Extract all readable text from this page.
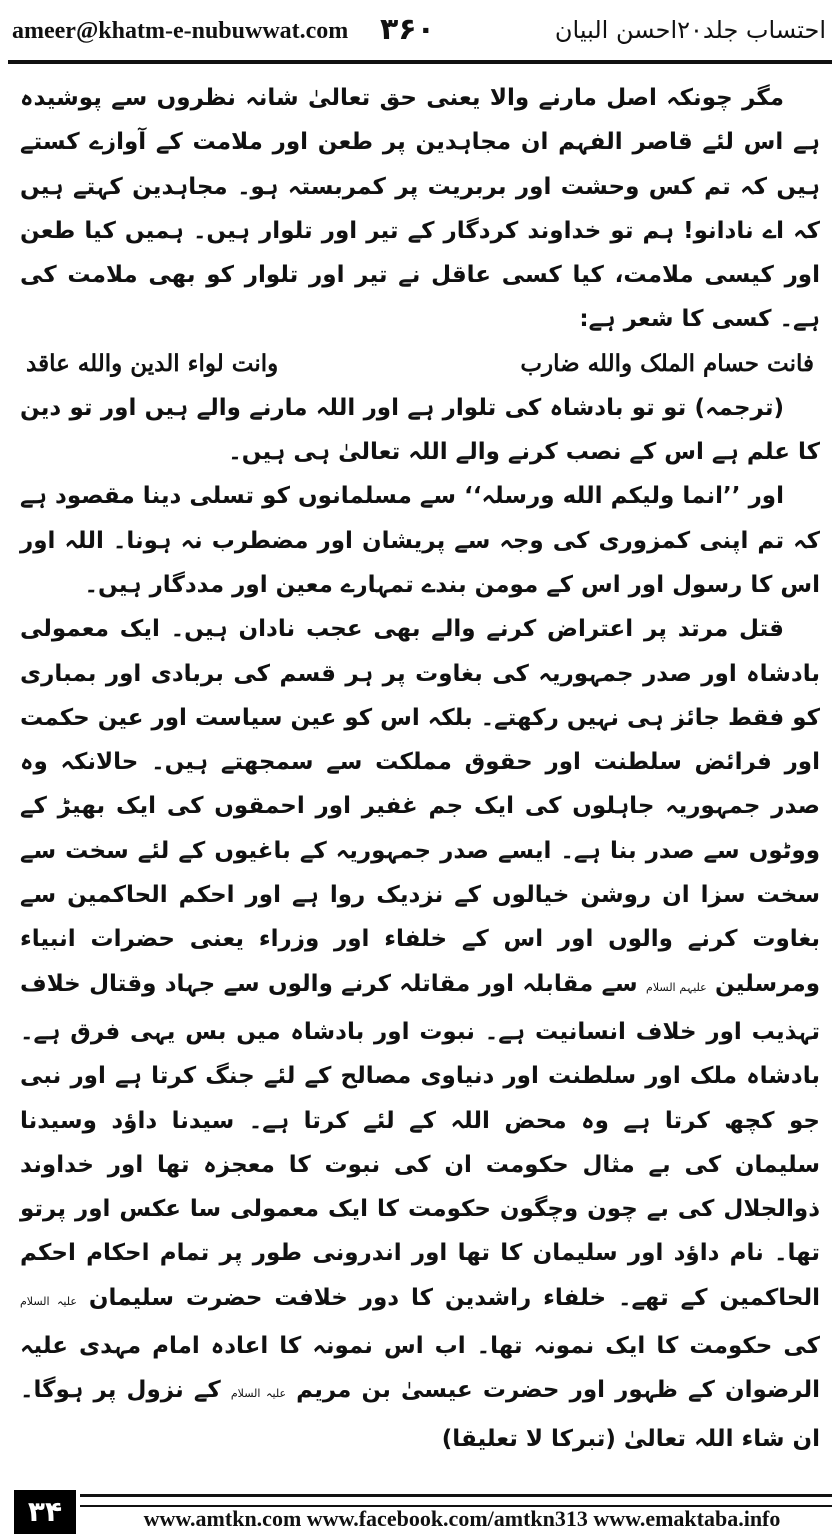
ameer@khatm-e-nubuwwat.com ۳۶۰	احتساب جلد۲۰احسن البیان

مگر چونکہ اصل مارنے والا یعنی حق تعالیٰ شانہ نظروں سے پوشیدہ ہے اس لئے قاصر الفہم ان مجاہدین پر طعن اور ملامت کے آوازے کستے ہیں کہ تم کس وحشت اور بربریت پر کمربستہ ہو۔ مجاہدین کہتے ہیں کہ اے نادانو! ہم تو خداوند کردگار کے تیر اور تلوار ہیں۔ ہمیں کیا طعن اور کیسی ملامت، کیا کسی عاقل نے تیر اور تلوار کو بھی ملامت کی ہے۔ کسی کا شعر ہے:

فانت حسام الملک والله ضارب
وانت لواء الدین والله عاقد

(ترجمہ) تو تو بادشاہ کی تلوار ہے اور اللہ مارنے والے ہیں اور تو دین کا علم ہے اس کے نصب کرنے والے اللہ تعالیٰ ہی ہیں۔

اور ’’انما ولیکم الله ورسلہ‘‘ سے مسلمانوں کو تسلی دینا مقصود ہے کہ تم اپنی کمزوری کی وجہ سے پریشان اور مضطرب نہ ہونا۔ اللہ اور اس کا رسول اور اس کے مومن بندے تمہارے معین اور مددگار ہیں۔

قتل مرتد پر اعتراض کرنے والے بھی عجب نادان ہیں۔ ایک معمولی بادشاہ اور صدر جمہوریہ کی بغاوت پر ہر قسم کی بربادی اور بمباری کو فقط جائز ہی نہیں رکھتے۔ بلکہ اس کو عین سیاست اور عین حکمت اور فرائض سلطنت اور حقوق مملکت سے سمجھتے ہیں۔ حالانکہ وہ صدر جمہوریہ جاہلوں کی ایک جم غفیر اور احمقوں کی ایک بھیڑ کے ووٹوں سے صدر بنا ہے۔ ایسے صدر جمہوریہ کے باغیوں کے لئے سخت سے سخت سزا ان روشن خیالوں کے نزدیک روا ہے اور احکم الحاکمین سے بغاوت کرنے والوں اور اس کے خلفاء اور وزراء یعنی حضرات انبیاء ومرسلین علیہم السلام سے مقابلہ اور مقاتلہ کرنے والوں سے جہاد وقتال خلاف تہذیب اور خلاف انسانیت ہے۔ نبوت اور بادشاہ میں بس یہی فرق ہے۔ بادشاہ ملک اور سلطنت اور دنیاوی مصالح کے لئے جنگ کرتا ہے اور نبی جو کچھ کرتا ہے وہ محض اللہ کے لئے کرتا ہے۔ سیدنا داؤد وسیدنا سلیمان کی بے مثال حکومت ان کی نبوت کا معجزہ تھا اور خداوند ذوالجلال کی بے چون وچگون حکومت کا ایک معمولی سا عکس اور پرتو تھا۔ نام داؤد اور سلیمان کا تھا اور اندرونی طور پر تمام احکام احکم الحاکمین کے تھے۔ خلفاء راشدین کا دور خلافت حضرت سلیمان علیہ السلام کی حکومت کا ایک نمونہ تھا۔ اب اس نمونہ کا اعادہ امام مہدی علیہ الرضوان کے ظہور اور حضرت عیسیٰ بن مریم علیہ السلام کے نزول پر ہوگا۔ ان شاء اللہ تعالیٰ (تبرکا لا تعلیقا)

۳۴	www.amtkn.com www.facebook.com/amtkn313 www.emaktaba.info
